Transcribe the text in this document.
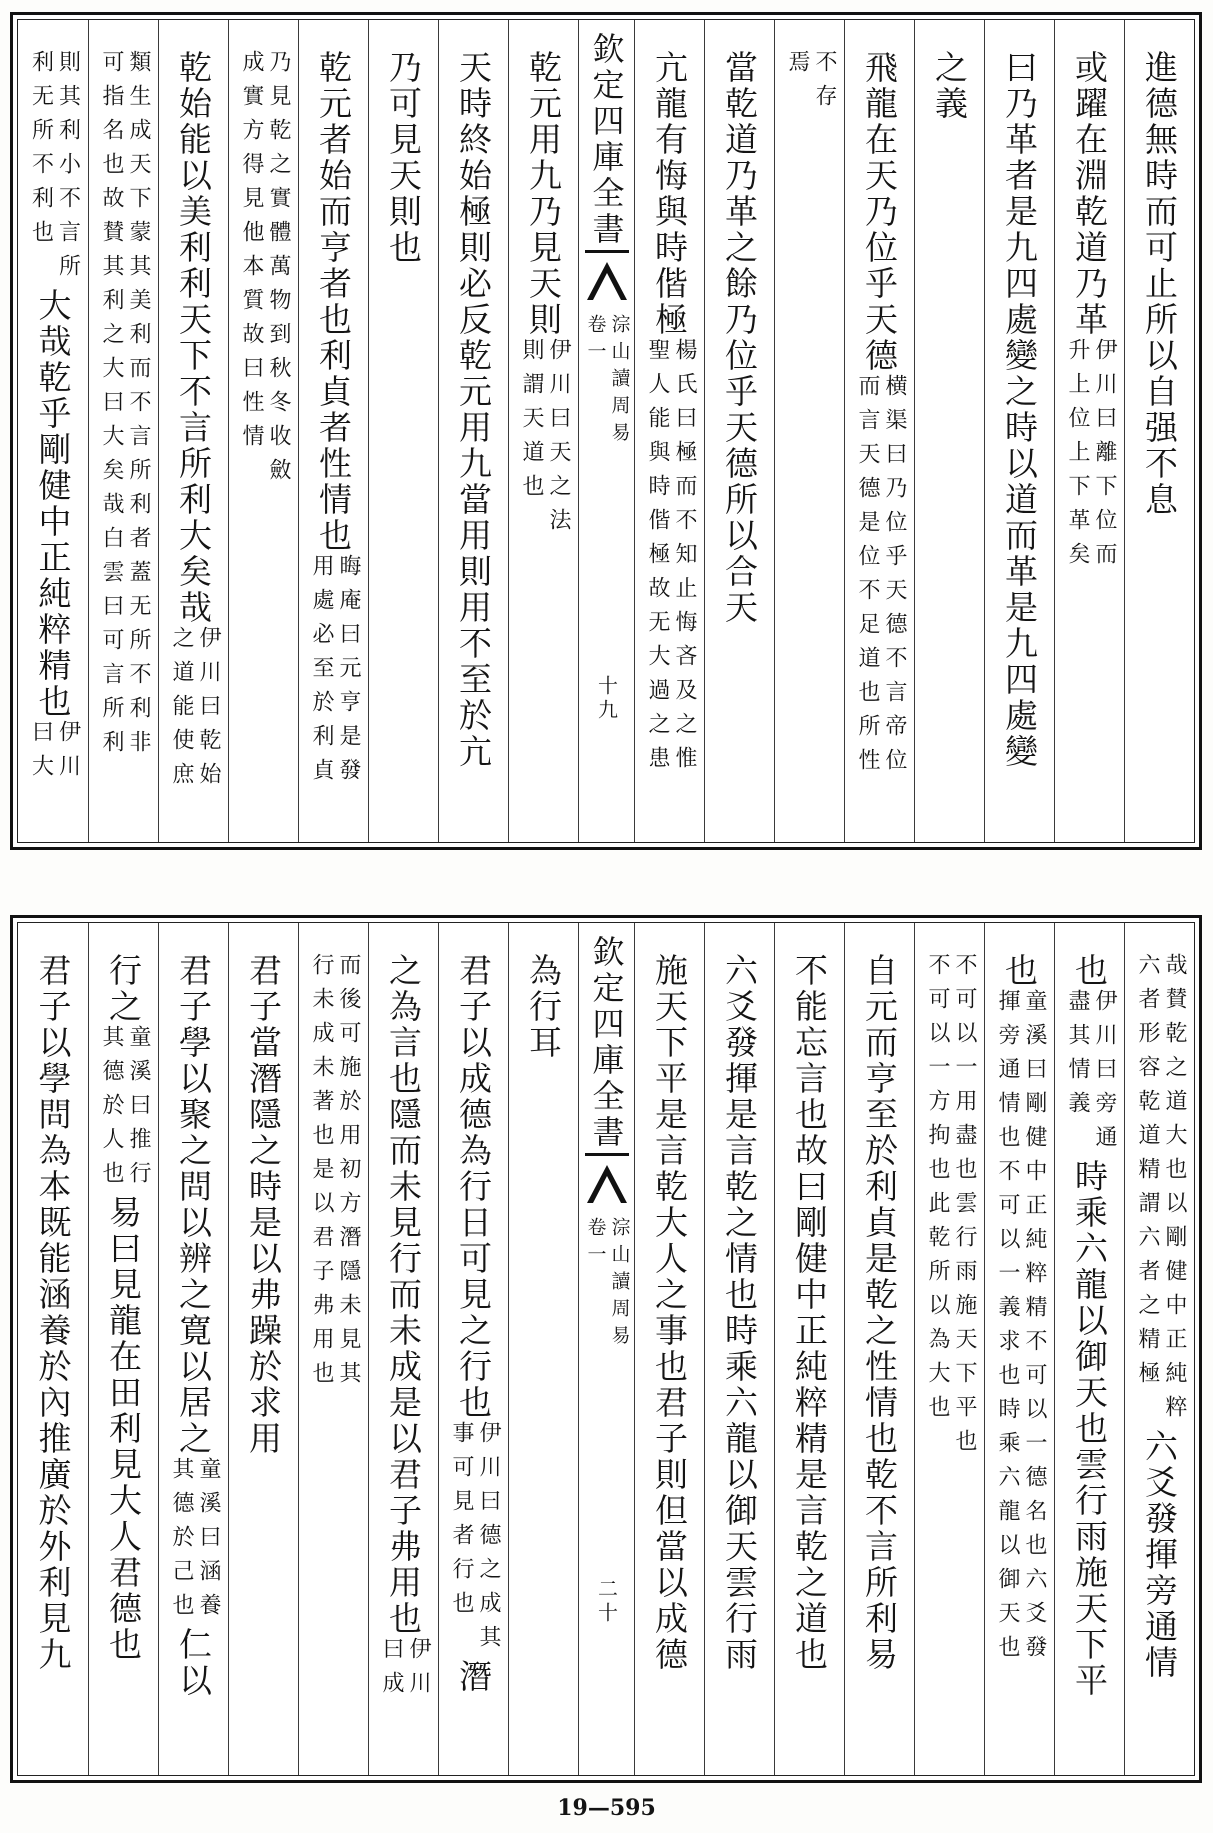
進德無時而可止所以自强不息
或躍在淵乾道乃革
伊川曰離下位而
升上位上下革矣
曰乃革者是九四處變之時以道而革是九四處變
之義
飛龍在天乃位乎天德
横渠曰乃位乎天德不言帝位
而言天德是位不足道也所性
不存
焉
當乾道乃革之餘乃位乎天德所以合天
亢龍有悔與時偕極
楊氏曰極而不知止悔吝及之惟
聖人能與時偕極故无大過之患
欽定四庫全書
淙山讀周易
卷一
十九
乾元用九乃見天則
伊川曰天之法
則謂天道也
天時終始極則必反乾元用九當用則用不至於亢
乃可見天則也
乾元者始而亨者也利貞者性情也
晦庵曰元亨是發
用處必至於利貞
乃見乾之實體萬物到秋冬收斂
成實方得見他本質故曰性情
乾始能以美利利天下不言所利大矣哉
伊川曰乾始
之道能使庶
類生成天下蒙其美利而不言所利者蓋无所不利非
可指名也故賛其利之大曰大矣哉白雲曰可言所利
則其利小不言所
利无所不利也
大哉乾乎剛健中正純粹精也
伊川
曰大
哉賛乾之道大也以剛健中正純粹
六者形容乾道精謂六者之精極
六爻發揮旁通情
也
伊川曰旁通
盡其情義
時乘六龍以御天也雲行雨施天下平
也
童溪曰剛健中正純粹精不可以一德名也六爻發
揮旁通情也不可以一義求也時乘六龍以御天也
不可以一用盡也雲行雨施天下平也
不可以一方拘也此乾所以為大也
自元而亨至於利貞是乾之性情也乾不言所利易
不能忘言也故曰剛健中正純粹精是言乾之道也
六爻發揮是言乾之情也時乘六龍以御天雲行雨
施天下平是言乾大人之事也君子則但當以成德
欽定四庫全書
淙山讀周易
卷一
二十
為行耳
君子以成德為行日可見之行也
伊川曰德之成其
事可見者行也
潛
之為言也隱而未見行而未成是以君子弗用也
伊川
曰成
而後可施於用初方潛隱未見其
行未成未著也是以君子弗用也
君子當潛隱之時是以弗躁於求用
君子學以聚之問以辨之寛以居之
童溪曰涵養
其德於己也
仁以
行之
童溪曰推行
其德於人也
易曰見龍在田利見大人君德也
君子以學問為本既能涵養於內推廣於外利見九
19—595
